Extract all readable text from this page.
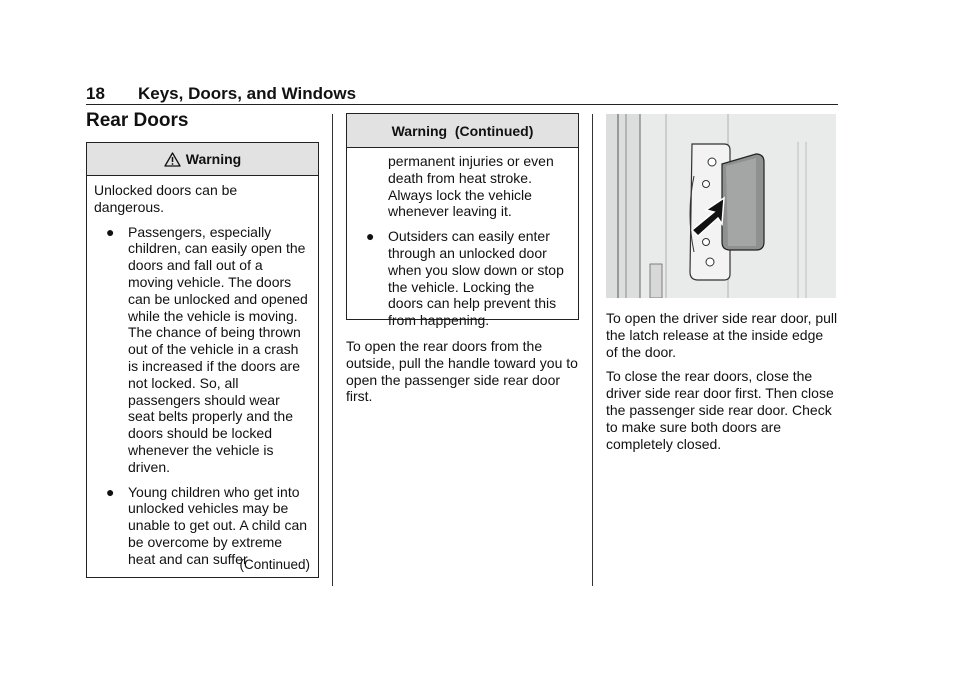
18 Keys, Doors, and Windows
Rear Doors
Warning

Unlocked doors can be dangerous.

● Passengers, especially children, can easily open the doors and fall out of a moving vehicle. The doors can be unlocked and opened while the vehicle is moving. The chance of being thrown out of the vehicle in a crash is increased if the doors are not locked. So, all passengers should wear seat belts properly and the doors should be locked whenever the vehicle is driven.
● Young children who get into unlocked vehicles may be unable to get out. A child can be overcome by extreme heat and can suffer
(Continued)
Warning  (Continued)

permanent injuries or even death from heat stroke. Always lock the vehicle whenever leaving it.

● Outsiders can easily enter through an unlocked door when you slow down or stop the vehicle. Locking the doors can help prevent this from happening.
To open the rear doors from the outside, pull the handle toward you to open the passenger side rear door first.

To open the driver side rear door, pull the latch release at the inside edge of the door.

To close the rear doors, close the driver side rear door first. Then close the passenger side rear door. Check to make sure both doors are completely closed.
